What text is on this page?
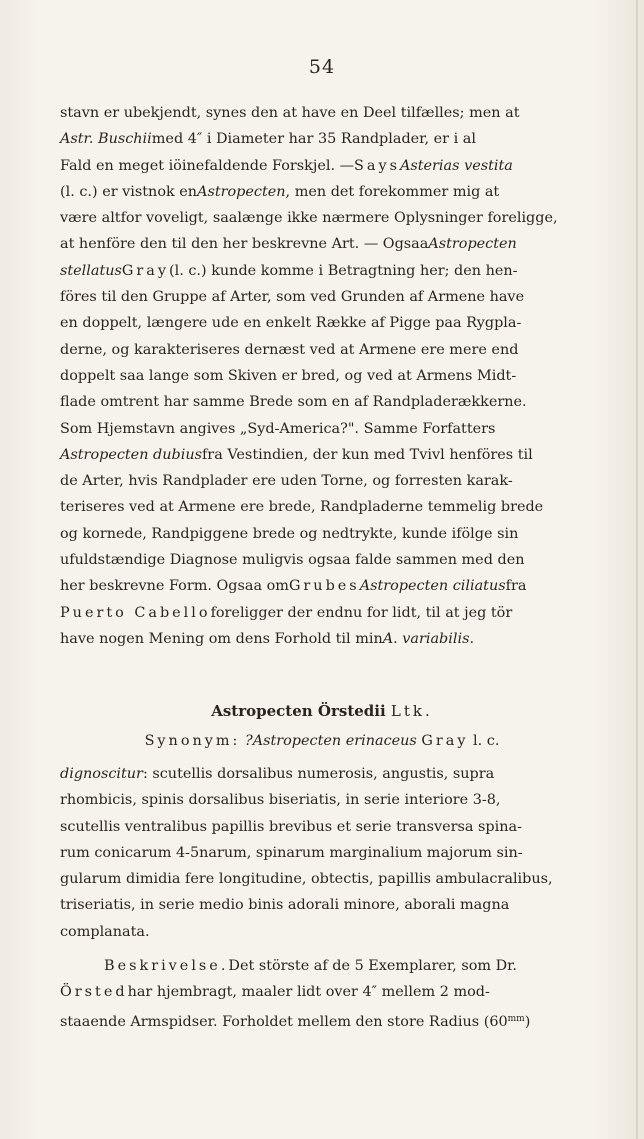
54
stavn er ubekjendt, synes den at have en Deel tilfælles; men at
Astr. Buschiimed 4″ i Diameter har 35 Randplader, er i al
Fald en meget iöinefaldende Forskjel. —SaysAsterias vestita
(l. c.) er vistnok enAstropecten, men det forekommer mig at
være altfor voveligt, saalænge ikke nærmere Oplysninger foreligge,
at henföre den til den her beskrevne Art. — OgsaaAstropecten
stellatusGray(l. c.) kunde komme i Betragtning her; den hen-
föres til den Gruppe af Arter, som ved Grunden af Armene have
en doppelt, længere ude en enkelt Række af Pigge paa Rygpla-
derne, og karakteriseres dernæst ved at Armene ere mere end
doppelt saa lange som Skiven er bred, og ved at Armens Midt-
flade omtrent har samme Brede som en af Randpladerækkerne.
Som Hjemstavn angives „Syd-America?". Samme Forfatters
Astropecten dubiusfra Vestindien, der kun med Tvivl henföres til
de Arter, hvis Randplader ere uden Torne, og forresten karak-
teriseres ved at Armene ere brede, Randpladerne temmelig brede
og kornede, Randpiggene brede og nedtrykte, kunde ifölge sin
ufuldstændige Diagnose muligvis ogsaa falde sammen med den
her beskrevne Form. Ogsaa omGrubesAstropecten ciliatusfra
Puerto Cabelloforeligger der endnu for lidt, til at jeg tör
have nogen Mening om dens Forhold til minA. variabilis.
Astropecten Örstedii Ltk.
Synonym: ?Astropecten erinaceus Gray l. c.
dignoscitur: scutellis dorsalibus numerosis, angustis, supra
rhombicis, spinis dorsalibus biseriatis, in serie interiore 3-8,
scutellis ventralibus papillis brevibus et serie transversa spina-
rum conicarum 4-5narum, spinarum marginalium majorum sin-
gularum dimidia fere longitudine, obtectis, papillis ambulacralibus,
triseriatis, in serie medio binis adorali minore, aborali magna
complanata.
Beskrivelse.Det störste af de 5 Exemplarer, som Dr.
Örstedhar hjembragt, maaler lidt over 4″ mellem 2 mod-
staaende Armspidser. Forholdet mellem den store Radius $(60^{mm})$
